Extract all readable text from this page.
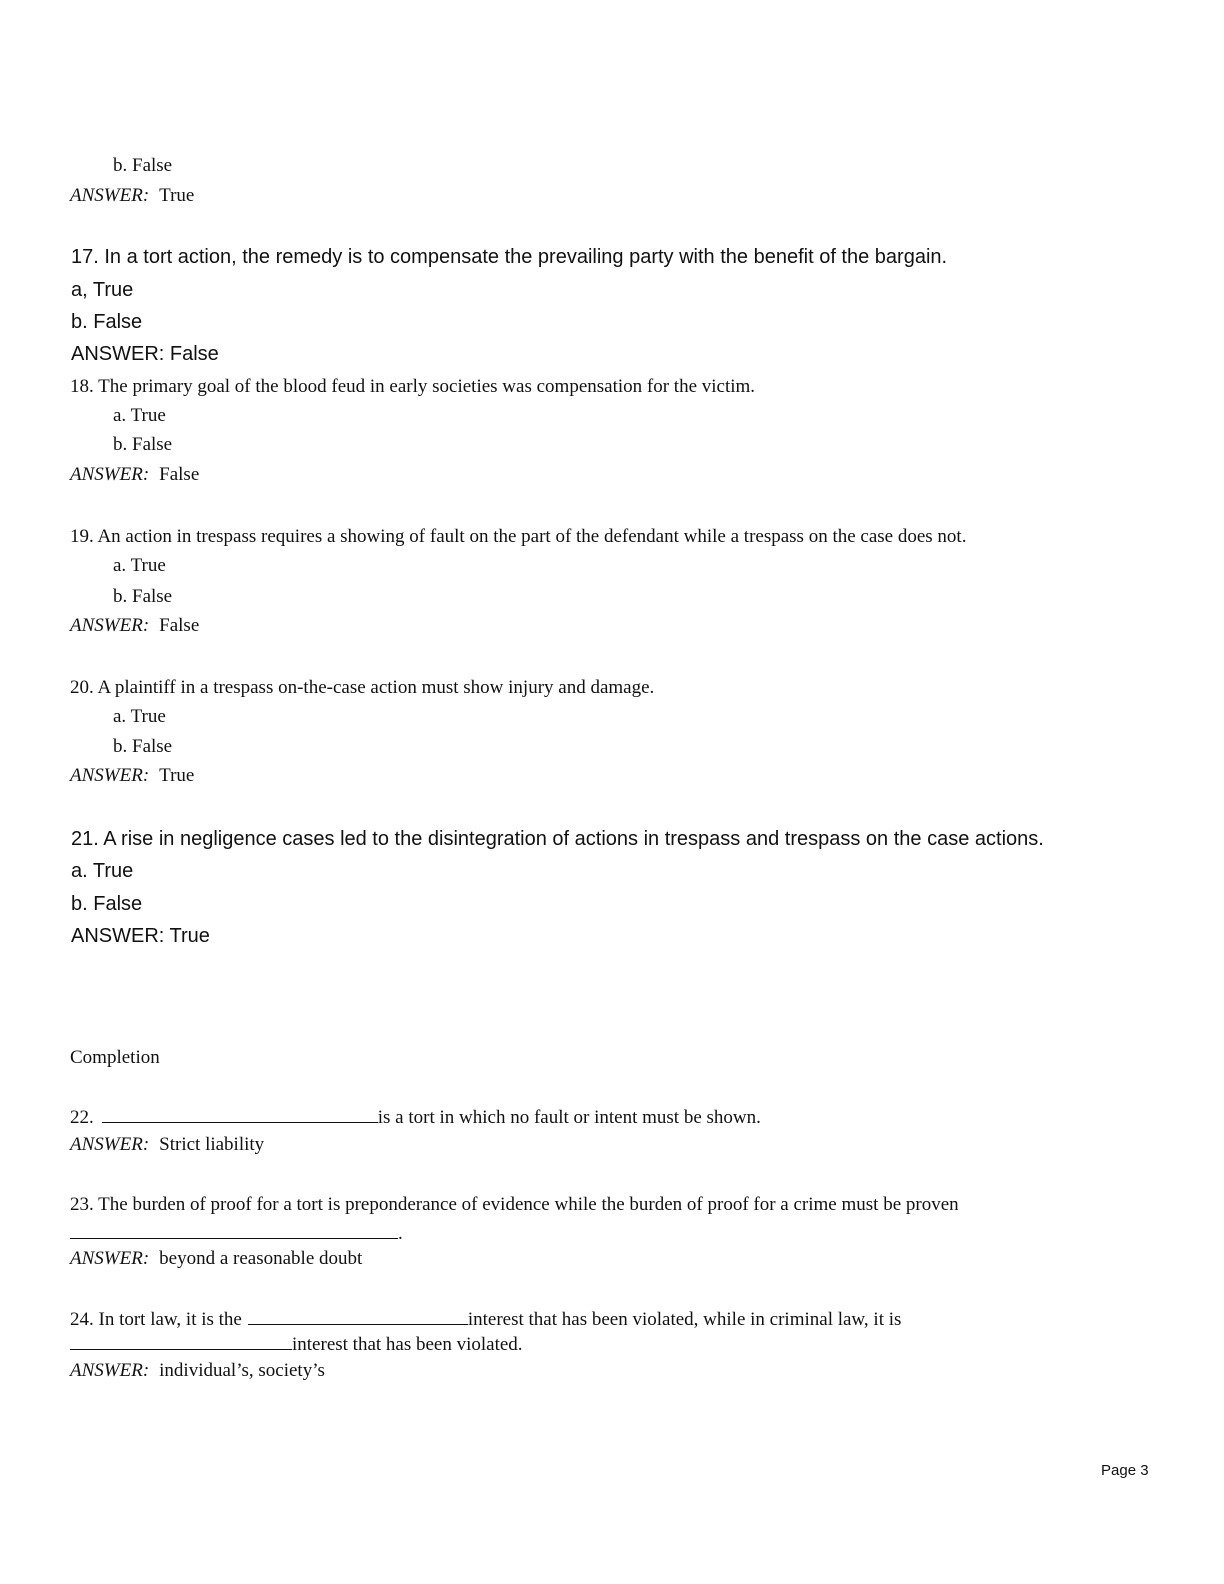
b. False
ANSWER: True
17. In a tort action, the remedy is to compensate the prevailing party with the benefit of the bargain.
a, True
b. False
ANSWER: False
18. The primary goal of the blood feud in early societies was compensation for the victim.
a. True
b. False
ANSWER: False
19. An action in trespass requires a showing of fault on the part of the defendant while a trespass on the case does not.
a. True
b. False
ANSWER: False
20. A plaintiff in a trespass on-the-case action must show injury and damage.
a. True
b. False
ANSWER: True
21. A rise in negligence cases led to the disintegration of actions in trespass and trespass on the case actions.
a. True
b. False
ANSWER: True
Completion
22.	is a tort in which no fault or intent must be shown.
ANSWER: Strict liability
23. The burden of proof for a tort is preponderance of evidence while the burden of proof for a crime must be proven
.
ANSWER: beyond a reasonable doubt
24. In tort law, it is the	interest that has been violated, while in criminal law, it is
interest that has been violated.
ANSWER: individual’s, society’s
Page 3
